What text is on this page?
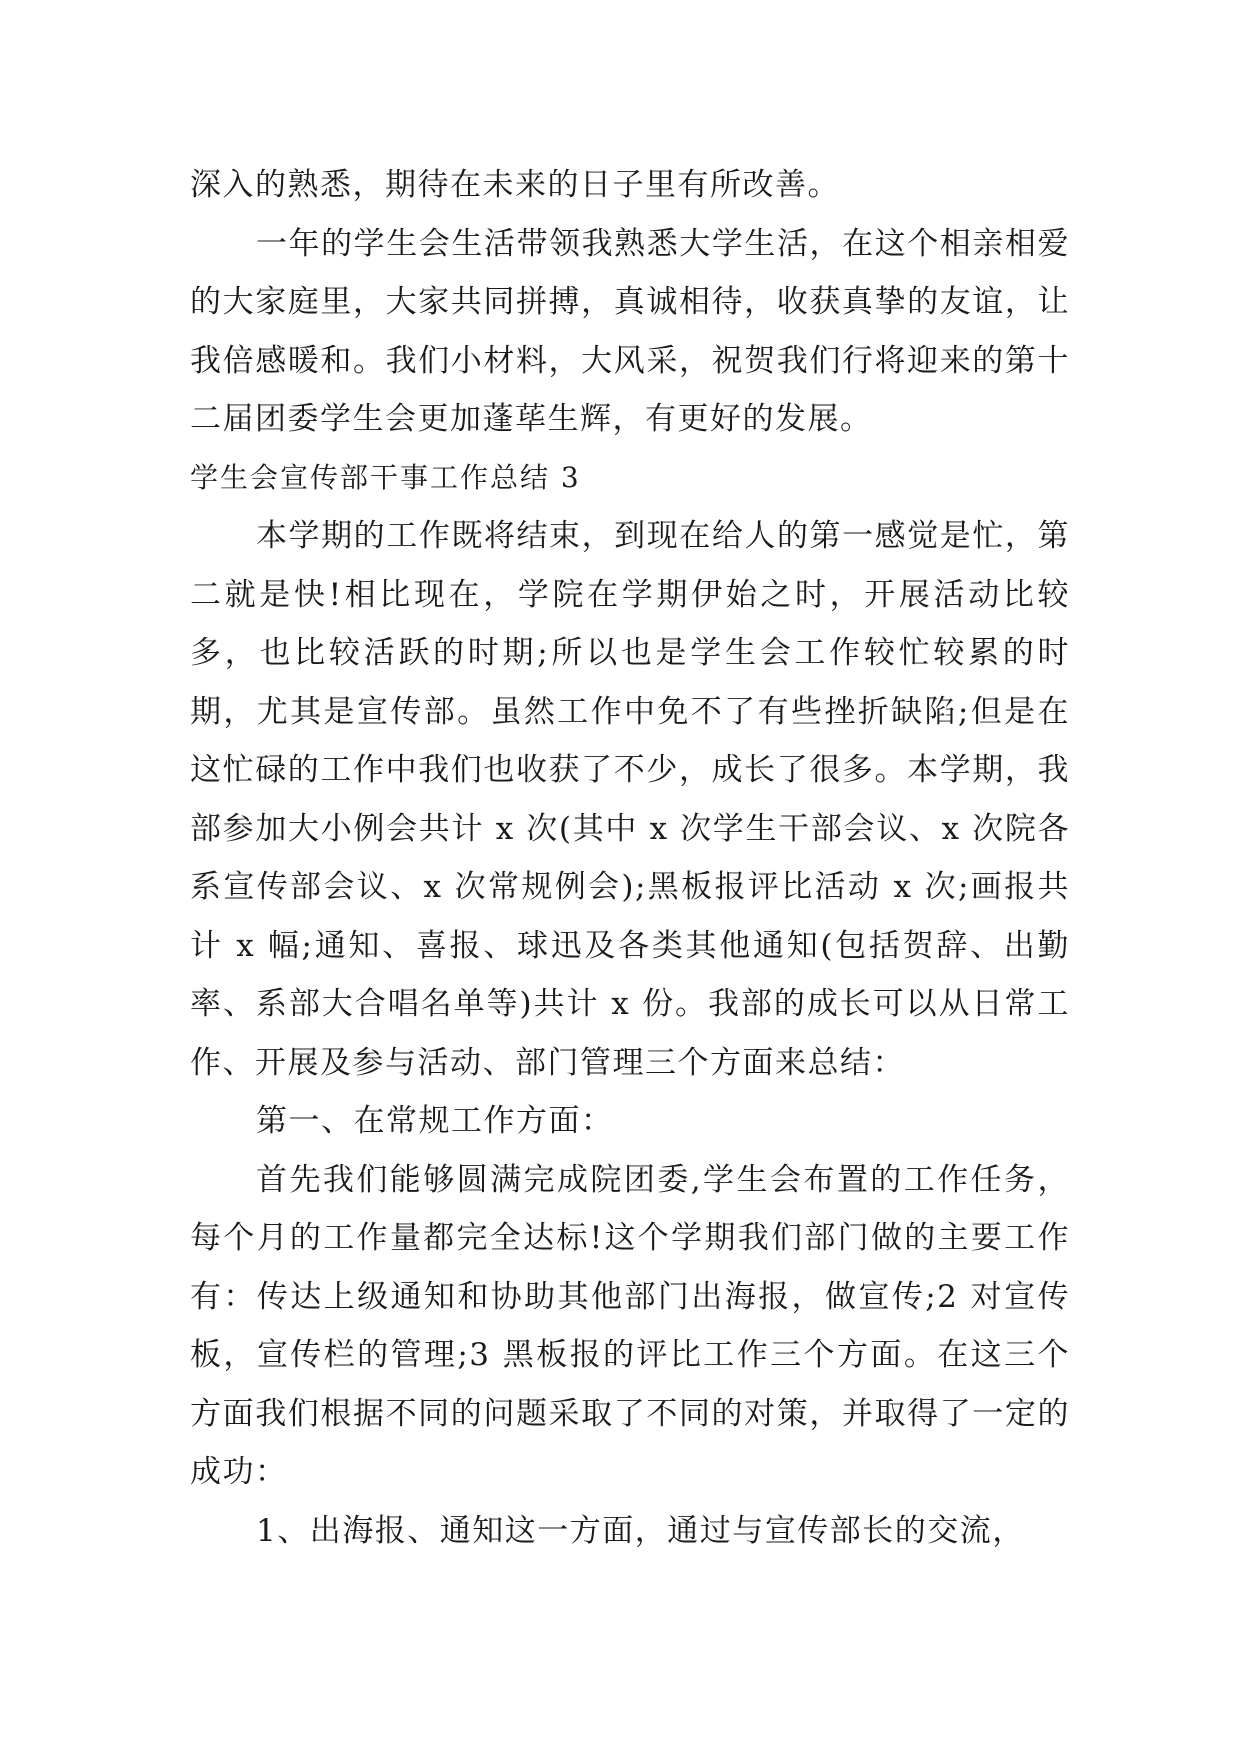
深入的熟悉，期待在未来的日子里有所改善。

一年的学生会生活带领我熟悉大学生活，在这个相亲相爱的大家庭里，大家共同拼搏，真诚相待，收获真挚的友谊，让我倍感暖和。我们小材料，大风采，祝贺我们行将迎来的第十二届团委学生会更加蓬荜生辉，有更好的发展。

学生会宣传部干事工作总结 3

本学期的工作既将结束，到现在给人的第一感觉是忙，第二就是快!相比现在，学院在学期伊始之时，开展活动比较多，也比较活跃的时期;所以也是学生会工作较忙较累的时期，尤其是宣传部。虽然工作中免不了有些挫折缺陷;但是在这忙碌的工作中我们也收获了不少，成长了很多。本学期，我部参加大小例会共计 x 次(其中 x 次学生干部会议、x 次院各系宣传部会议、x 次常规例会);黑板报评比活动 x 次;画报共计 x 幅;通知、喜报、球迅及各类其他通知(包括贺辞、出勤率、系部大合唱名单等)共计 x 份。我部的成长可以从日常工作、开展及参与活动、部门管理三个方面来总结：

第一、在常规工作方面：

首先我们能够圆满完成院团委,学生会布置的工作任务，每个月的工作量都完全达标!这个学期我们部门做的主要工作有：传达上级通知和协助其他部门出海报，做宣传;2 对宣传板，宣传栏的管理;3 黑板报的评比工作三个方面。在这三个方面我们根据不同的问题采取了不同的对策，并取得了一定的成功：

1、出海报、通知这一方面，通过与宣传部长的交流，
